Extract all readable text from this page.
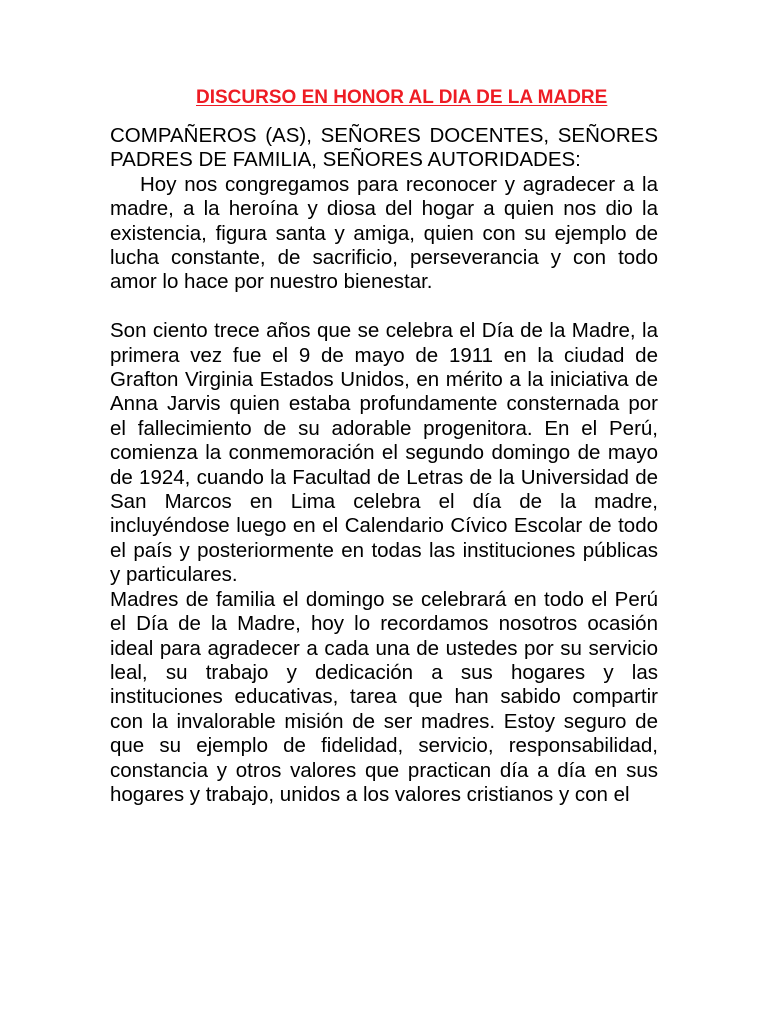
DISCURSO EN HONOR AL DIA DE LA MADRE

COMPAÑEROS (AS), SEÑORES DOCENTES, SEÑORES PADRES DE FAMILIA, SEÑORES AUTORIDADES:

Hoy nos congregamos para reconocer y agradecer a la madre, a la heroína y diosa del hogar a quien nos dio la existencia, figura santa y amiga, quien con su ejemplo de lucha constante, de sacrificio, perseverancia y con todo amor lo hace por nuestro bienestar.

Son ciento trece años que se celebra el Día de la Madre, la primera vez fue el 9 de mayo de 1911 en la ciudad de Grafton Virginia Estados Unidos, en mérito a la iniciativa de Anna Jarvis quien estaba profundamente consternada por el fallecimiento de su adorable progenitora. En el Perú, comienza la conmemoración el segundo domingo de mayo de 1924, cuando la Facultad de Letras de la Universidad de San Marcos en Lima celebra el día de la madre, incluyéndose luego en el Calendario Cívico Escolar de todo el país y posteriormente en todas las instituciones públicas y particulares.

Madres de familia el domingo se celebrará en todo el Perú el Día de la Madre, hoy lo recordamos nosotros ocasión ideal para agradecer a cada una de ustedes por su servicio leal, su trabajo y dedicación a sus hogares y las instituciones educativas, tarea que han sabido compartir con la invalorable misión de ser madres. Estoy seguro de que su ejemplo de fidelidad, servicio, responsabilidad, constancia y otros valores que practican día a día en sus hogares y trabajo, unidos a los valores cristianos y con el
